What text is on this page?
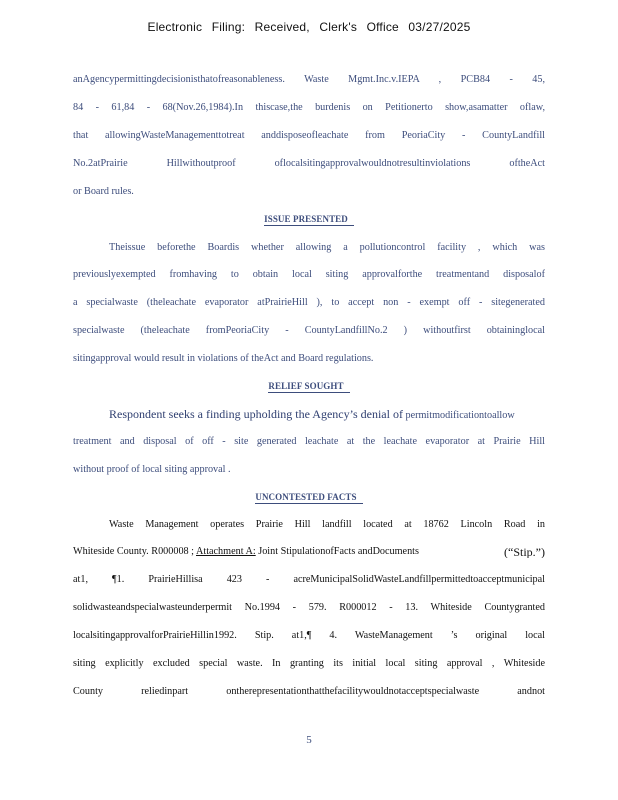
Electronic Filing: Received, Clerk's Office 03/27/2025
anAgencypermittingdecisionisthatofreasonableness. Waste Mgmt.Inc.v.IEPA , PCB84 - 45,
84 - 61,84 - 68(Nov.26,1984).In thiscase,the burdenis on Petitionerto show,asamatter oflaw,
that allowingWasteManagementtotreat anddisposeofleachate from PeoriaCity - CountyLandfill
No.2atPrairie Hillwithoutproof oflocalsitingapprovalwouldnotresultinviolations oftheAct
or Board rules.
ISSUE PRESENTED
Theissue beforethe Boardis whether allowing a pollutioncontrol facility , which was
previouslyexempted fromhaving to obtain local siting approvalforthe treatmentand disposalof
a specialwaste (theleachate evaporator atPrairieHill ), to accept non - exempt off - sitegenerated
specialwaste (theleachate fromPeoriaCity - CountyLandfillNo.2 ) withoutfirst obtaininglocal
sitingapproval would result in violations of theAct and Board regulations.
RELIEF SOUGHT
Respondent seeks a finding upholding the Agency’s denial of permitmodificationtoallow
treatment and disposal of off - site generated leachate at the leachate evaporator at Prairie Hill
without proof of local siting approval .
UNCONTESTED FACTS
Waste Management operates Prairie Hill landfill located at 18762 Lincoln Road in
Whiteside County. R000008 ; Attachment A: Joint StipulationofFacts andDocuments	(“Stip.”)
at1, ¶1. PrairieHillisa 423 - acreMunicipalSolidWasteLandfillpermittedtoacceptmunicipal
solidwasteandspecialwasteunderpermit No.1994 - 579. R000012 - 13. Whiteside Countygranted
localsitingapprovalforPrairieHillin1992. Stip. at1,¶ 4. WasteManagement ’s original local
siting explicitly excluded special waste. In granting its initial local siting approval , Whiteside
County reliedinpart ontherepresentationthatthefacilitywouldnotacceptspecialwaste andnot
5
